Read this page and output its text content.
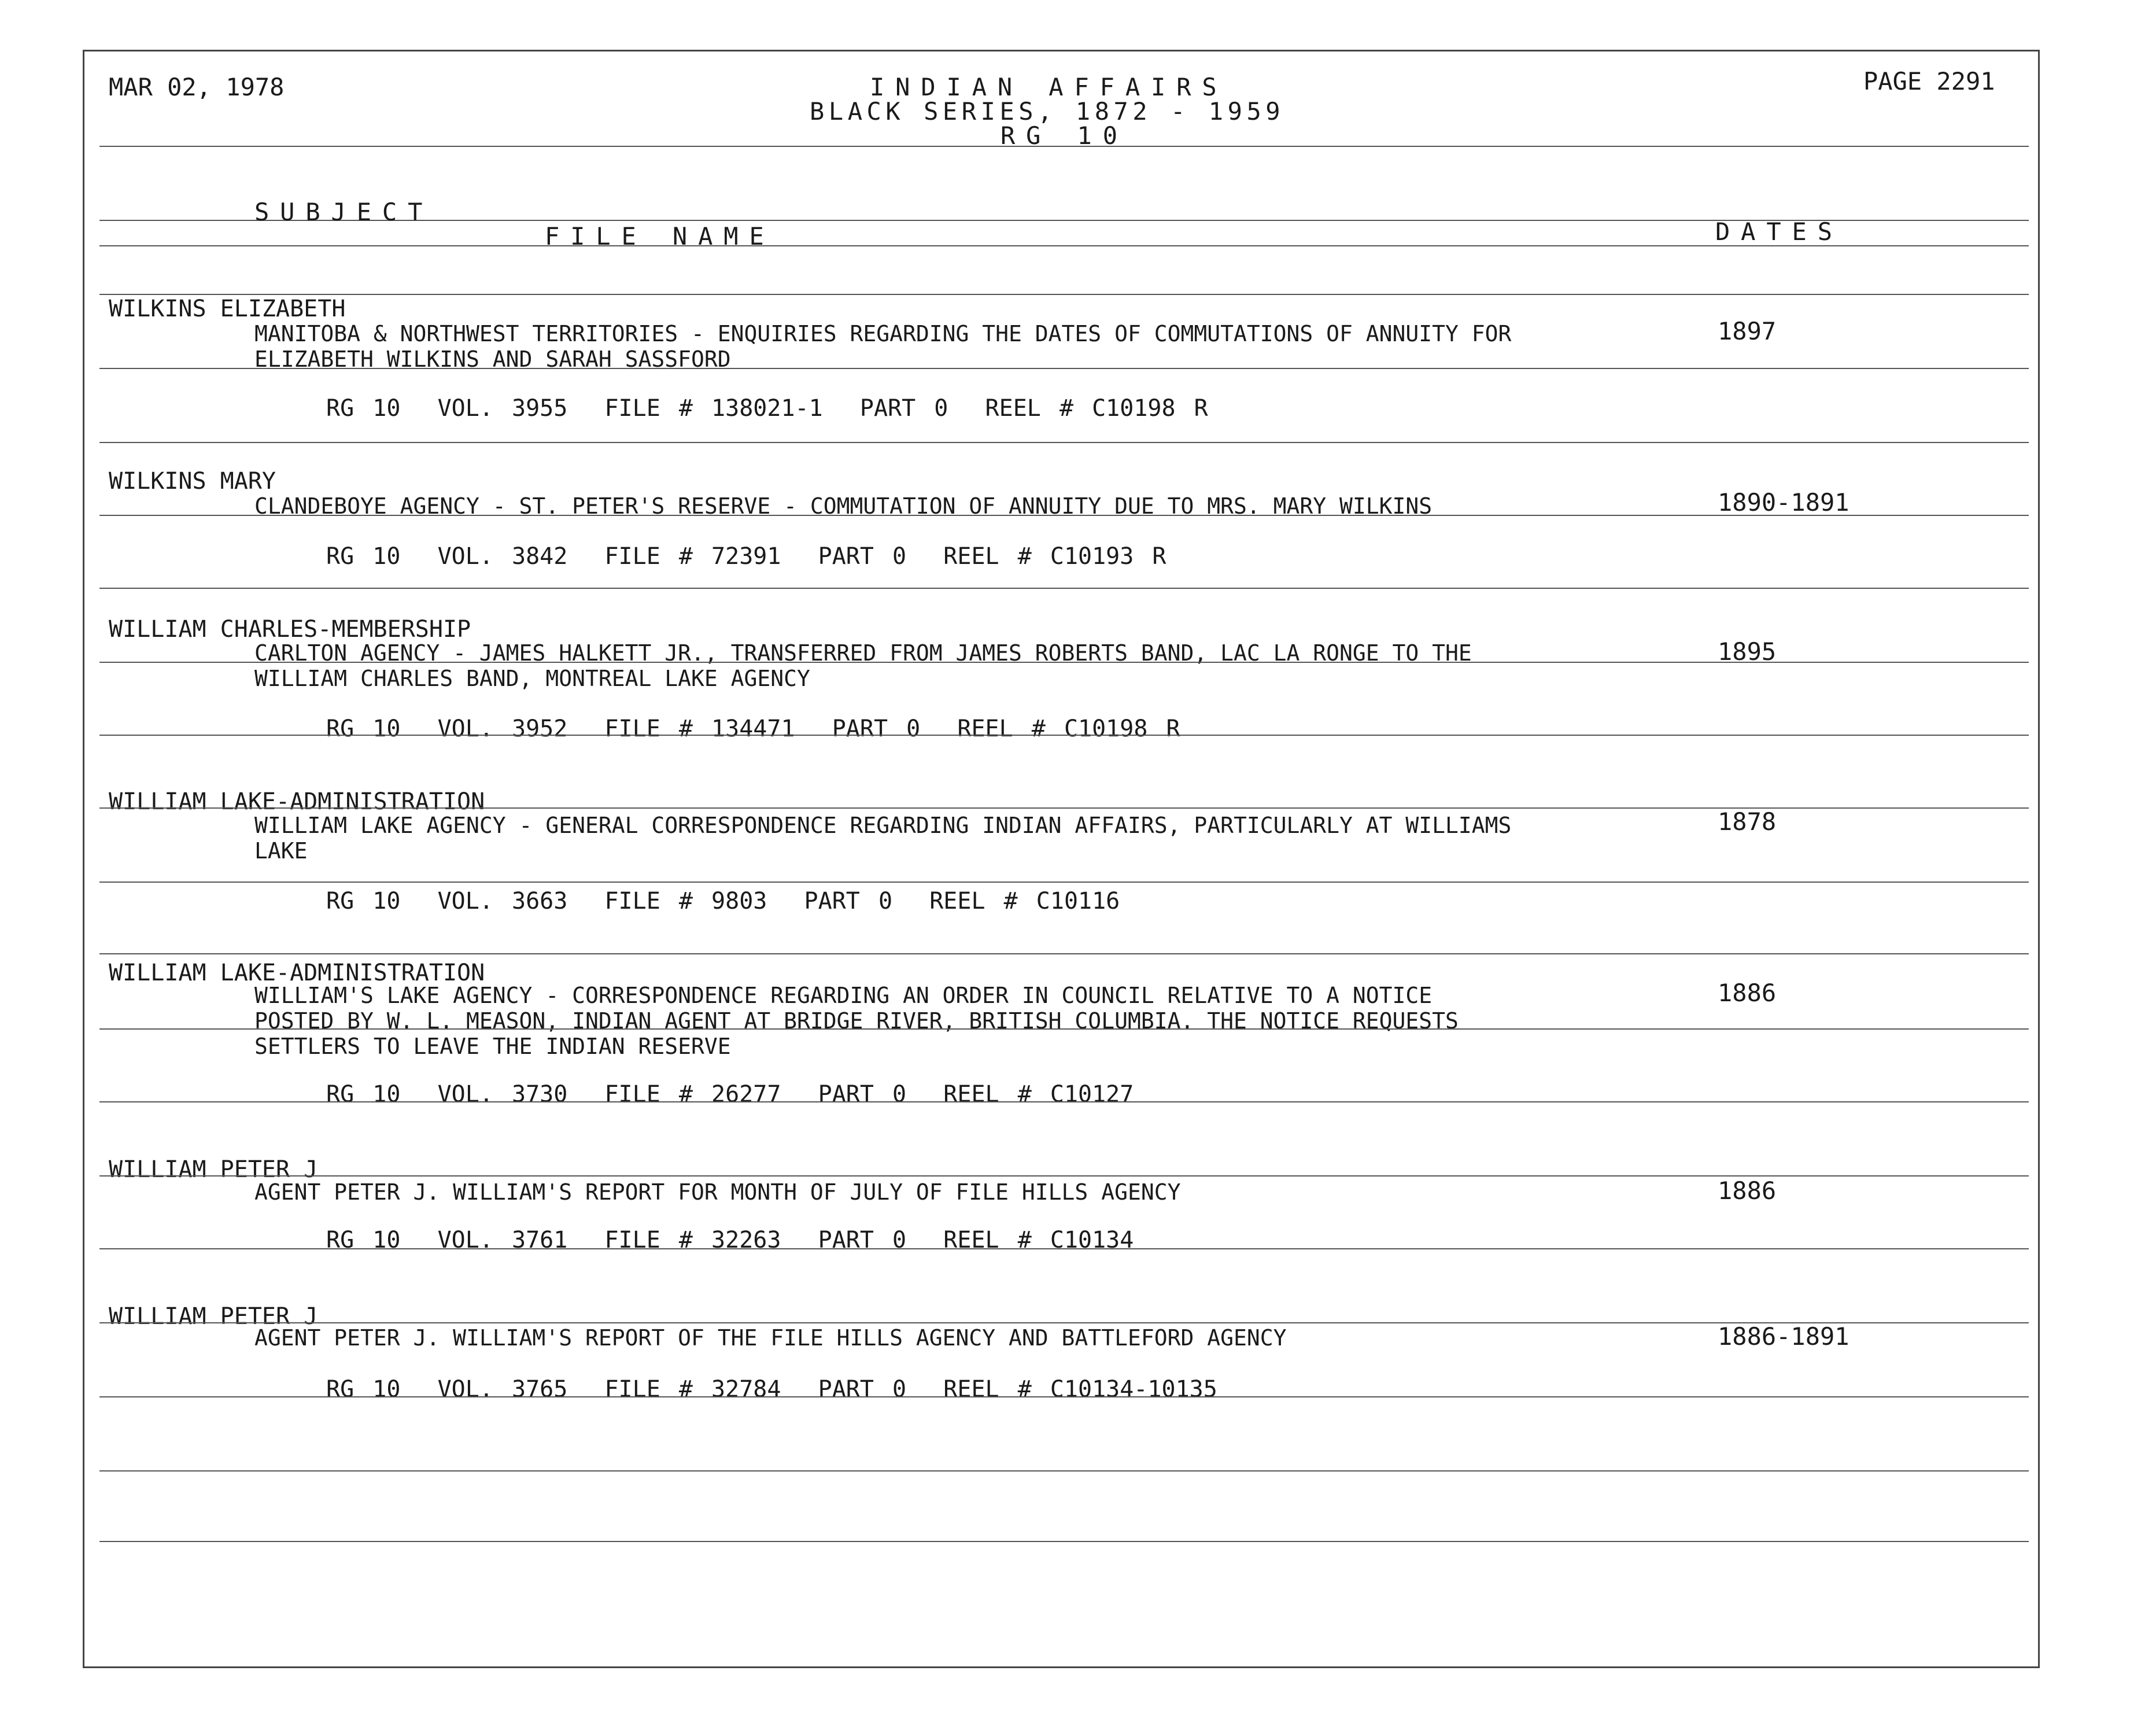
MAR 02, 1978	INDIAN AFFAIRS
BLACK SERIES, 1872 - 1959
RG 10
PAGE 2291
SUBJECT
FILE NAME	DATES
WILKINS ELIZABETH
MANITOBA & NORTHWEST TERRITORIES - ENQUIRIES REGARDING THE DATES OF COMMUTATIONS OF ANNUITY FOR
ELIZABETH WILKINS AND SARAH SASSFORD
1897
RG 10  VOL. 3955  FILE # 138021-1  PART 0  REEL # C10198 R
WILKINS MARY
CLANDEBOYE AGENCY - ST. PETER'S RESERVE - COMMUTATION OF ANNUITY DUE TO MRS. MARY WILKINS	1890-1891
RG 10  VOL. 3842  FILE # 72391  PART 0  REEL # C10193 R
WILLIAM CHARLES-MEMBERSHIP
CARLTON AGENCY - JAMES HALKETT JR., TRANSFERRED FROM JAMES ROBERTS BAND, LAC LA RONGE TO THE
WILLIAM CHARLES BAND, MONTREAL LAKE AGENCY
1895
RG 10  VOL. 3952  FILE # 134471  PART 0  REEL # C10198 R
WILLIAM LAKE-ADMINISTRATION
WILLIAM LAKE AGENCY - GENERAL CORRESPONDENCE REGARDING INDIAN AFFAIRS, PARTICULARLY AT WILLIAMS
LAKE
1878
RG 10  VOL. 3663  FILE # 9803  PART 0  REEL # C10116
WILLIAM LAKE-ADMINISTRATION
WILLIAM'S LAKE AGENCY - CORRESPONDENCE REGARDING AN ORDER IN COUNCIL RELATIVE TO A NOTICE
POSTED BY W. L. MEASON, INDIAN AGENT AT BRIDGE RIVER, BRITISH COLUMBIA. THE NOTICE REQUESTS
SETTLERS TO LEAVE THE INDIAN RESERVE
1886
RG 10  VOL. 3730  FILE # 26277  PART 0  REEL # C10127
WILLIAM PETER J
AGENT PETER J. WILLIAM'S REPORT FOR MONTH OF JULY OF FILE HILLS AGENCY	1886
RG 10  VOL. 3761  FILE # 32263  PART 0  REEL # C10134
WILLIAM PETER J
AGENT PETER J. WILLIAM'S REPORT OF THE FILE HILLS AGENCY AND BATTLEFORD AGENCY	1886-1891
RG 10  VOL. 3765  FILE # 32784  PART 0  REEL # C10134-10135
